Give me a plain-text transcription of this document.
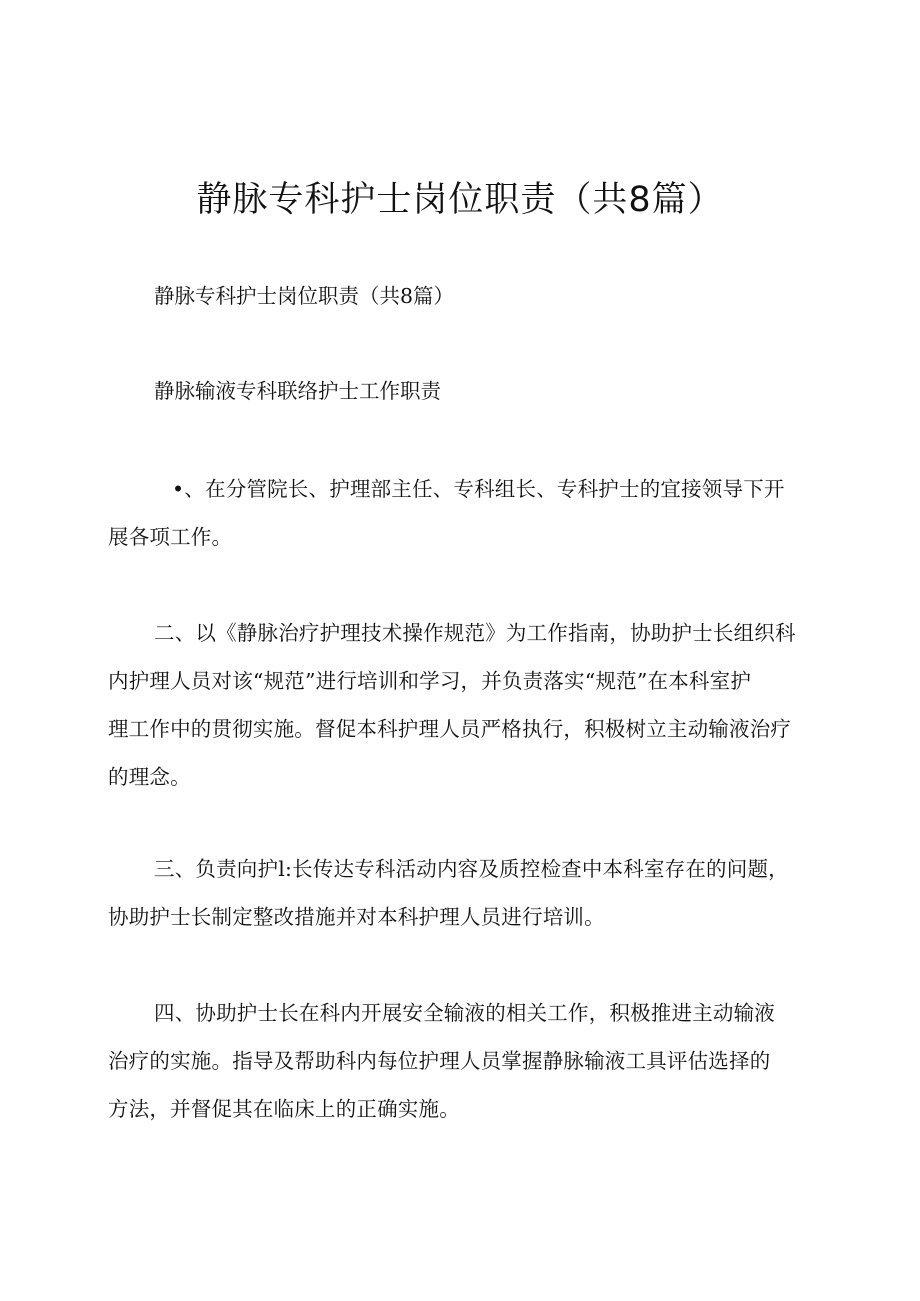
静脉专科护士岗位职责（共8篇）

静脉专科护士岗位职责（共8篇）

静脉输液专科联络护士工作职责

•、在分管院长、护理部主任、专科组长、专科护士的宜接领导下开
展各项工作。
二、以《静脉治疗护理技术操作规范》为工作指南，协助护士长组织科
内护理人员对该“规范”进行培训和学习，并负责落实“规范”在本科室护
理工作中的贯彻实施。督促本科护理人员严格执行，积极树立主动输液治疗
的理念。
三、负责向护l:长传达专科活动内容及质控检查中本科室存在的问题，
协助护士长制定整改措施并对本科护理人员进行培训。
四、协助护士长在科内开展安全输液的相关工作，积极推进主动输液
治疗的实施。指导及帮助科内每位护理人员掌握静脉输液工具评估选择的
方法，并督促其在临床上的正确实施。
